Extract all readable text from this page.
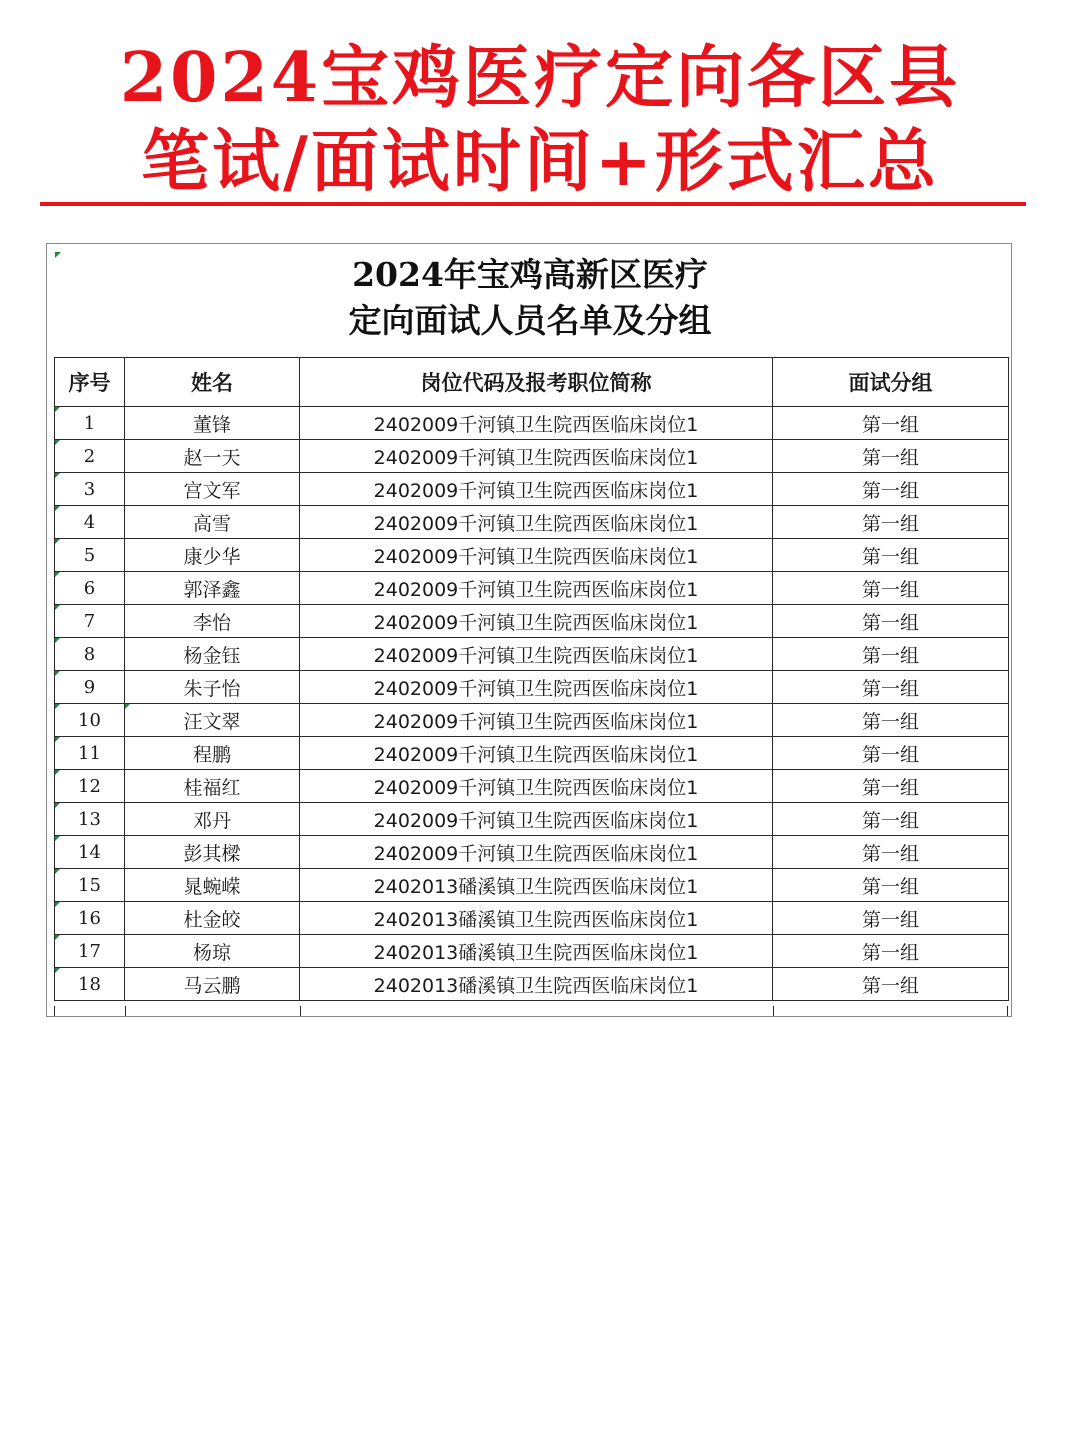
2024宝鸡医疗定向各区县
笔试/面试时间+形式汇总
2024年宝鸡高新区医疗
定向面试人员名单及分组
序号	姓名	岗位代码及报考职位简称	面试分组
1	董锋	2402009千河镇卫生院西医临床岗位1	第一组
2	赵一天	2402009千河镇卫生院西医临床岗位1	第一组
3	宫文军	2402009千河镇卫生院西医临床岗位1	第一组
4	高雪	2402009千河镇卫生院西医临床岗位1	第一组
5	康少华	2402009千河镇卫生院西医临床岗位1	第一组
6	郭泽鑫	2402009千河镇卫生院西医临床岗位1	第一组
7	李怡	2402009千河镇卫生院西医临床岗位1	第一组
8	杨金钰	2402009千河镇卫生院西医临床岗位1	第一组
9	朱子怡	2402009千河镇卫生院西医临床岗位1	第一组
10	汪文翠	2402009千河镇卫生院西医临床岗位1	第一组
11	程鹏	2402009千河镇卫生院西医临床岗位1	第一组
12	桂福红	2402009千河镇卫生院西医临床岗位1	第一组
13	邓丹	2402009千河镇卫生院西医临床岗位1	第一组
14	彭其樑	2402009千河镇卫生院西医临床岗位1	第一组
15	晁蜿嵘	2402013磻溪镇卫生院西医临床岗位1	第一组
16	杜金皎	2402013磻溪镇卫生院西医临床岗位1	第一组
17	杨琼	2402013磻溪镇卫生院西医临床岗位1	第一组
18	马云鹏	2402013磻溪镇卫生院西医临床岗位1	第一组
